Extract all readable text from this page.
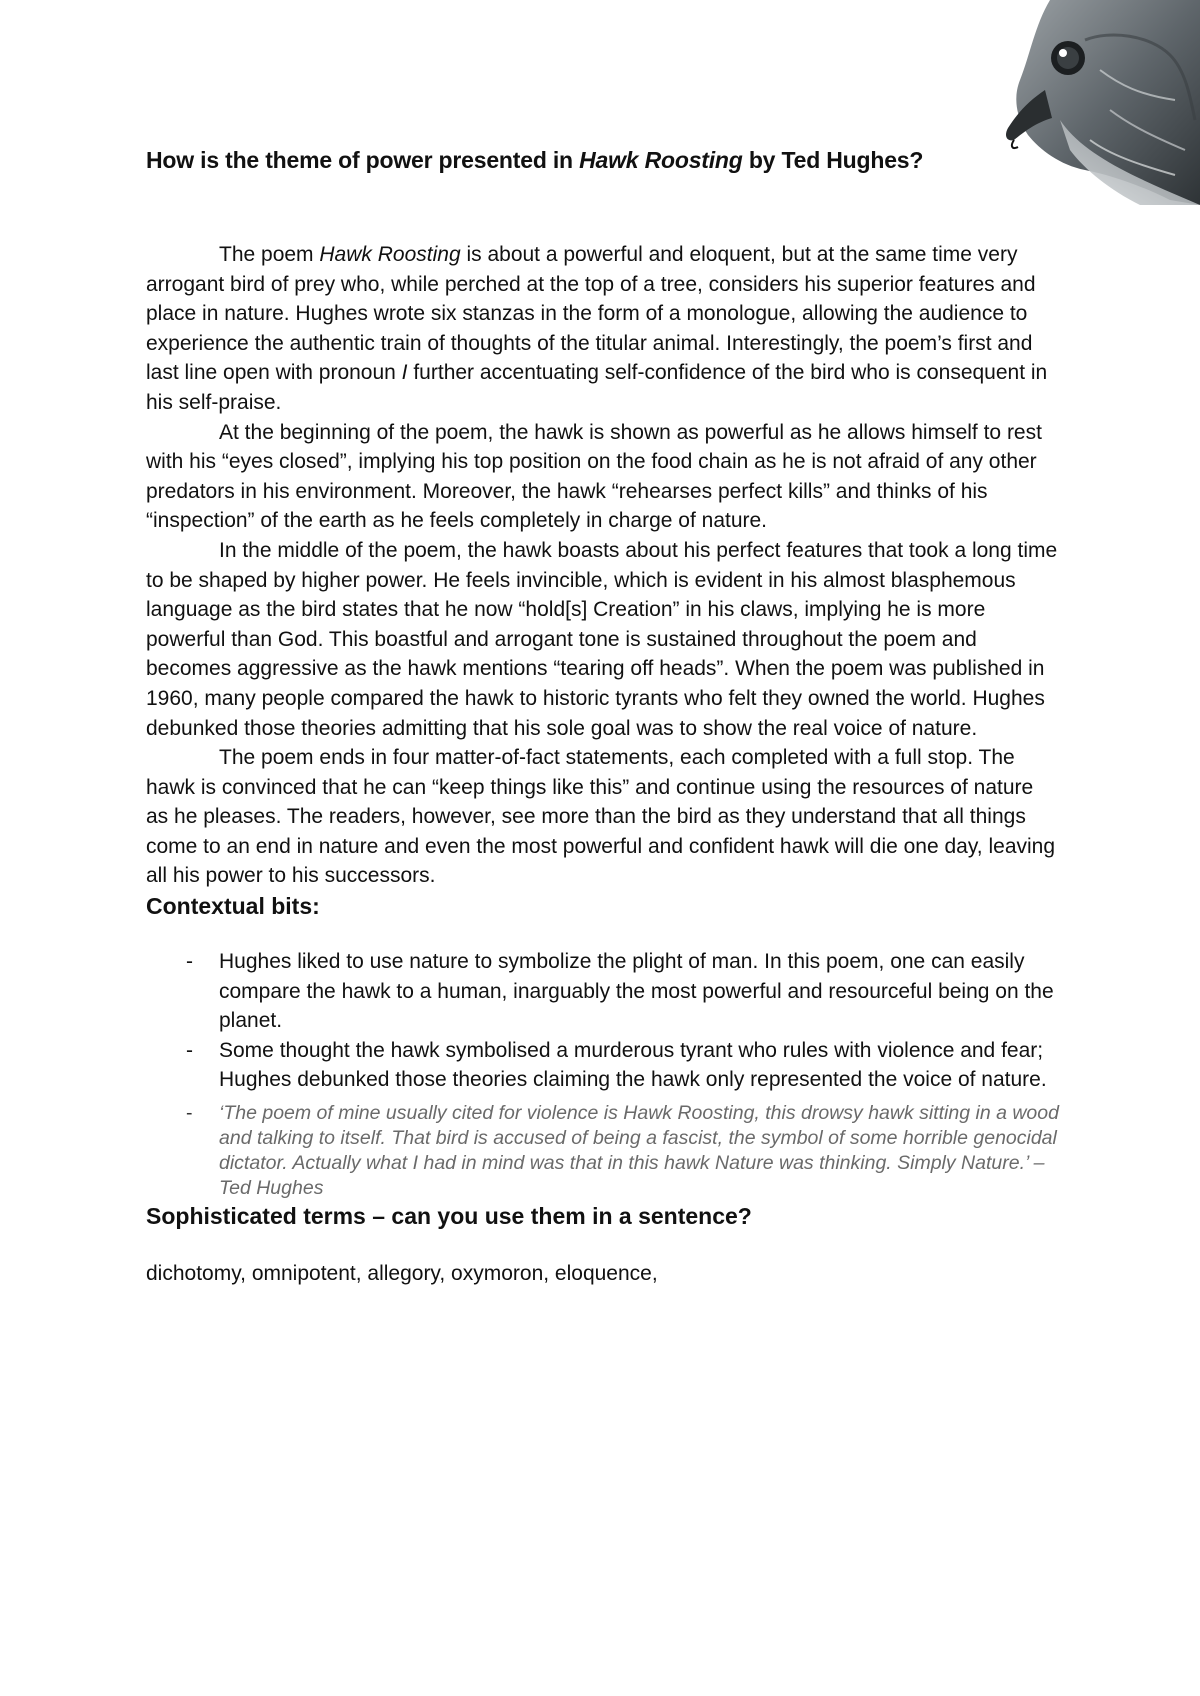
How is the theme of power presented in Hawk Roosting by Ted Hughes?

The poem Hawk Roosting is about a powerful and eloquent, but at the same time very arrogant bird of prey who, while perched at the top of a tree, considers his superior features and place in nature. Hughes wrote six stanzas in the form of a monologue, allowing the audience to experience the authentic train of thoughts of the titular animal. Interestingly, the poem’s first and last line open with pronoun I further accentuating self-confidence of the bird who is consequent in his self-praise.

At the beginning of the poem, the hawk is shown as powerful as he allows himself to rest with his “eyes closed”, implying his top position on the food chain as he is not afraid of any other predators in his environment. Moreover, the hawk “rehearses perfect kills” and thinks of his “inspection” of the earth as he feels completely in charge of nature.

In the middle of the poem, the hawk boasts about his perfect features that took a long time to be shaped by higher power. He feels invincible, which is evident in his almost blasphemous language as the bird states that he now “hold[s] Creation” in his claws, implying he is more powerful than God. This boastful and arrogant tone is sustained throughout the poem and becomes aggressive as the hawk mentions “tearing off heads”. When the poem was published in 1960, many people compared the hawk to historic tyrants who felt they owned the world. Hughes debunked those theories admitting that his sole goal was to show the real voice of nature.

The poem ends in four matter-of-fact statements, each completed with a full stop. The hawk is convinced that he can “keep things like this” and continue using the resources of nature as he pleases. The readers, however, see more than the bird as they understand that all things come to an end in nature and even the most powerful and confident hawk will die one day, leaving all his power to his successors.

Contextual bits:
- Hughes liked to use nature to symbolize the plight of man. In this poem, one can easily compare the hawk to a human, inarguably the most powerful and resourceful being on the planet.
- Some thought the hawk symbolised a murderous tyrant who rules with violence and fear; Hughes debunked those theories claiming the hawk only represented the voice of nature.
- ‘The poem of mine usually cited for violence is Hawk Roosting, this drowsy hawk sitting in a wood and talking to itself. That bird is accused of being a fascist, the symbol of some horrible genocidal dictator. Actually what I had in mind was that in this hawk Nature was thinking. Simply Nature.’ – Ted Hughes
Sophisticated terms – can you use them in a sentence?
dichotomy, omnipotent, allegory, oxymoron, eloquence,
